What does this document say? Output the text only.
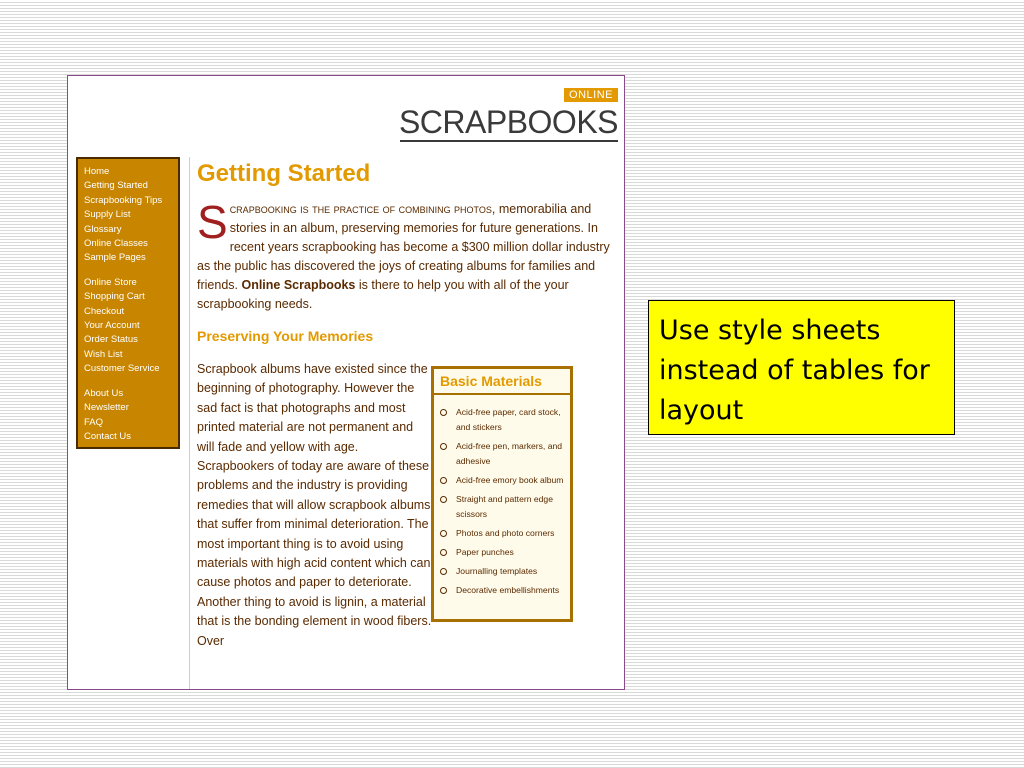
ONLINE
SCRAPBOOKS
Home
Getting Started
Scrapbooking Tips
Supply List
Glossary
Online Classes
Sample Pages
Online Store
Shopping Cart
Checkout
Your Account
Order Status
Wish List
Customer Service
About Us
Newsletter
FAQ
Contact Us
Getting Started

Scrapbooking is the practice of combining photos, memorabilia and stories in an album, preserving memories for future generations. In recent years scrapbooking has become a $300 million dollar industry as the public has discovered the joys of creating albums for families and friends. Online Scrapbooks is there to help you with all of the your scrapbooking needs.

Preserving Your Memories
Scrapbook albums have existed since the beginning of photography. However the sad fact is that photographs and most printed material are not permanent and will fade and yellow with age. Scrapbookers of today are aware of these problems and the industry is providing remedies that will allow scrapbook albums that suffer from minimal deterioration. The most important thing is to avoid using materials with high acid content which can cause photos and paper to deteriorate. Another thing to avoid is lignin, a material that is the bonding element in wood fibers. Over
Basic Materials
Acid-free paper, card stock, and stickers
Acid-free pen, markers, and adhesive
Acid-free emory book album
Straight and pattern edge scissors
Photos and photo corners
Paper punches
Journalling templates
Decorative embellishments
Use style sheets instead of tables for layout
